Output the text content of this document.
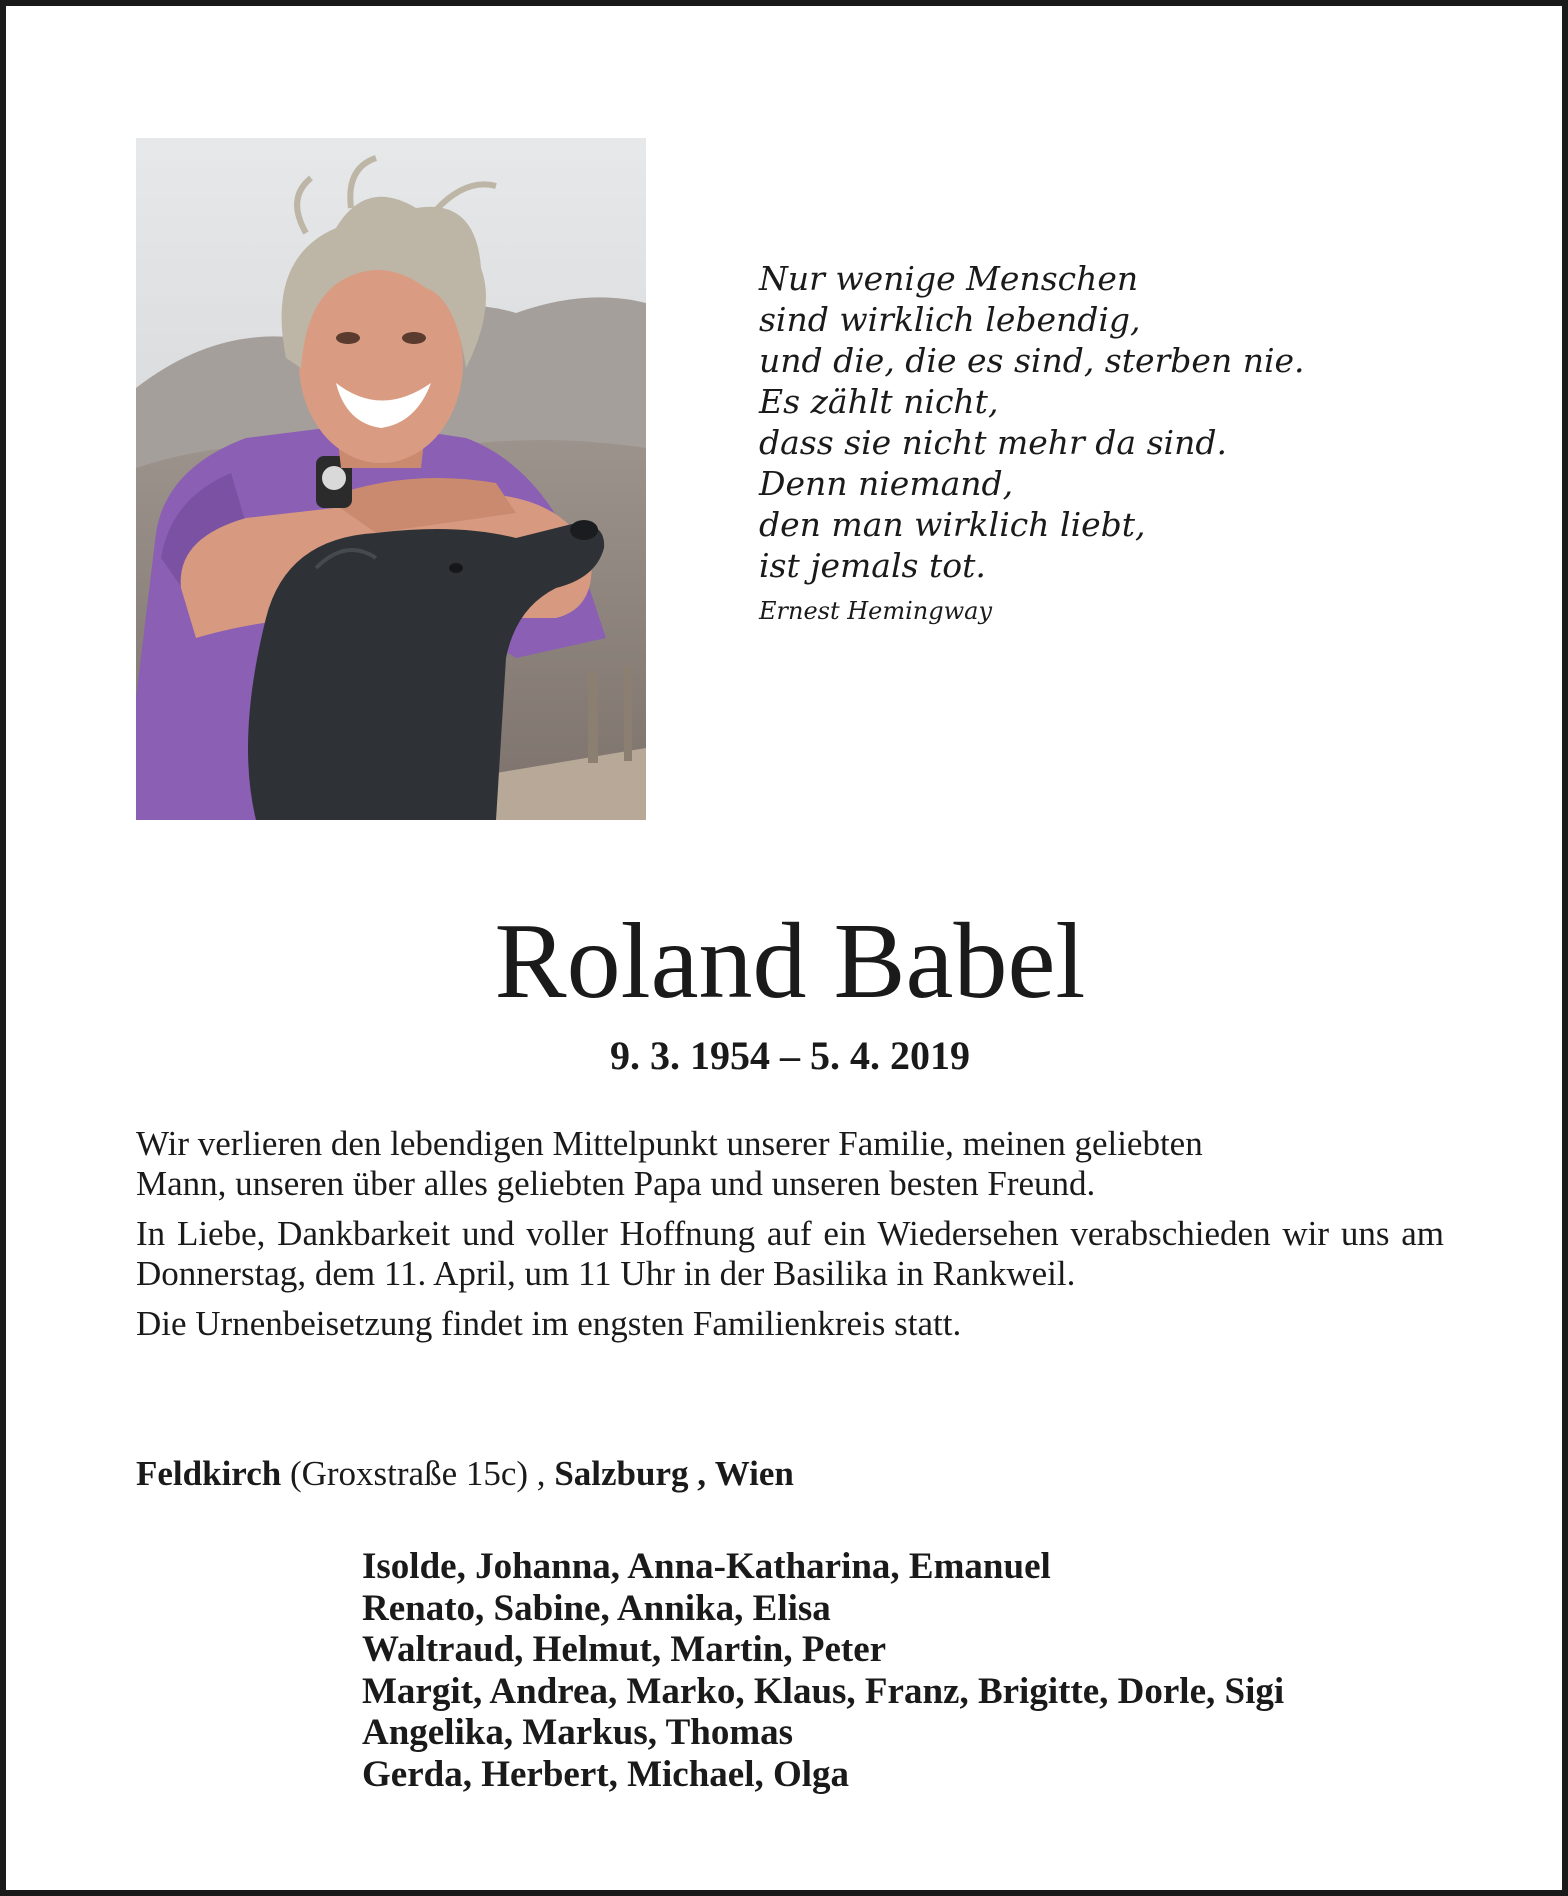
Nur wenige Menschen
sind wirklich lebendig,
und die, die es sind, sterben nie.
Es zählt nicht,
dass sie nicht mehr da sind.
Denn niemand,
den man wirklich liebt,
ist jemals tot.
Ernest Hemingway
Roland Babel
9. 3. 1954 – 5. 4. 2019

Wir verlieren den lebendigen Mittelpunkt unserer Familie, meinen geliebten
Mann, unseren über alles geliebten Papa und unseren besten Freund.

In Liebe, Dankbarkeit und voller Hoffnung auf ein Wiedersehen verabschieden wir uns am Donnerstag, dem 11. April, um 11 Uhr in der Basilika in Rankweil.

Die Urnenbeisetzung findet im engsten Familienkreis statt.

Feldkirch (Groxstraße 15c) , Salzburg , Wien
Isolde, Johanna, Anna-Katharina, Emanuel
Renato, Sabine, Annika, Elisa
Waltraud, Helmut, Martin, Peter
Margit, Andrea, Marko, Klaus, Franz, Brigitte, Dorle, Sigi
Angelika, Markus, Thomas
Gerda, Herbert, Michael, Olga
